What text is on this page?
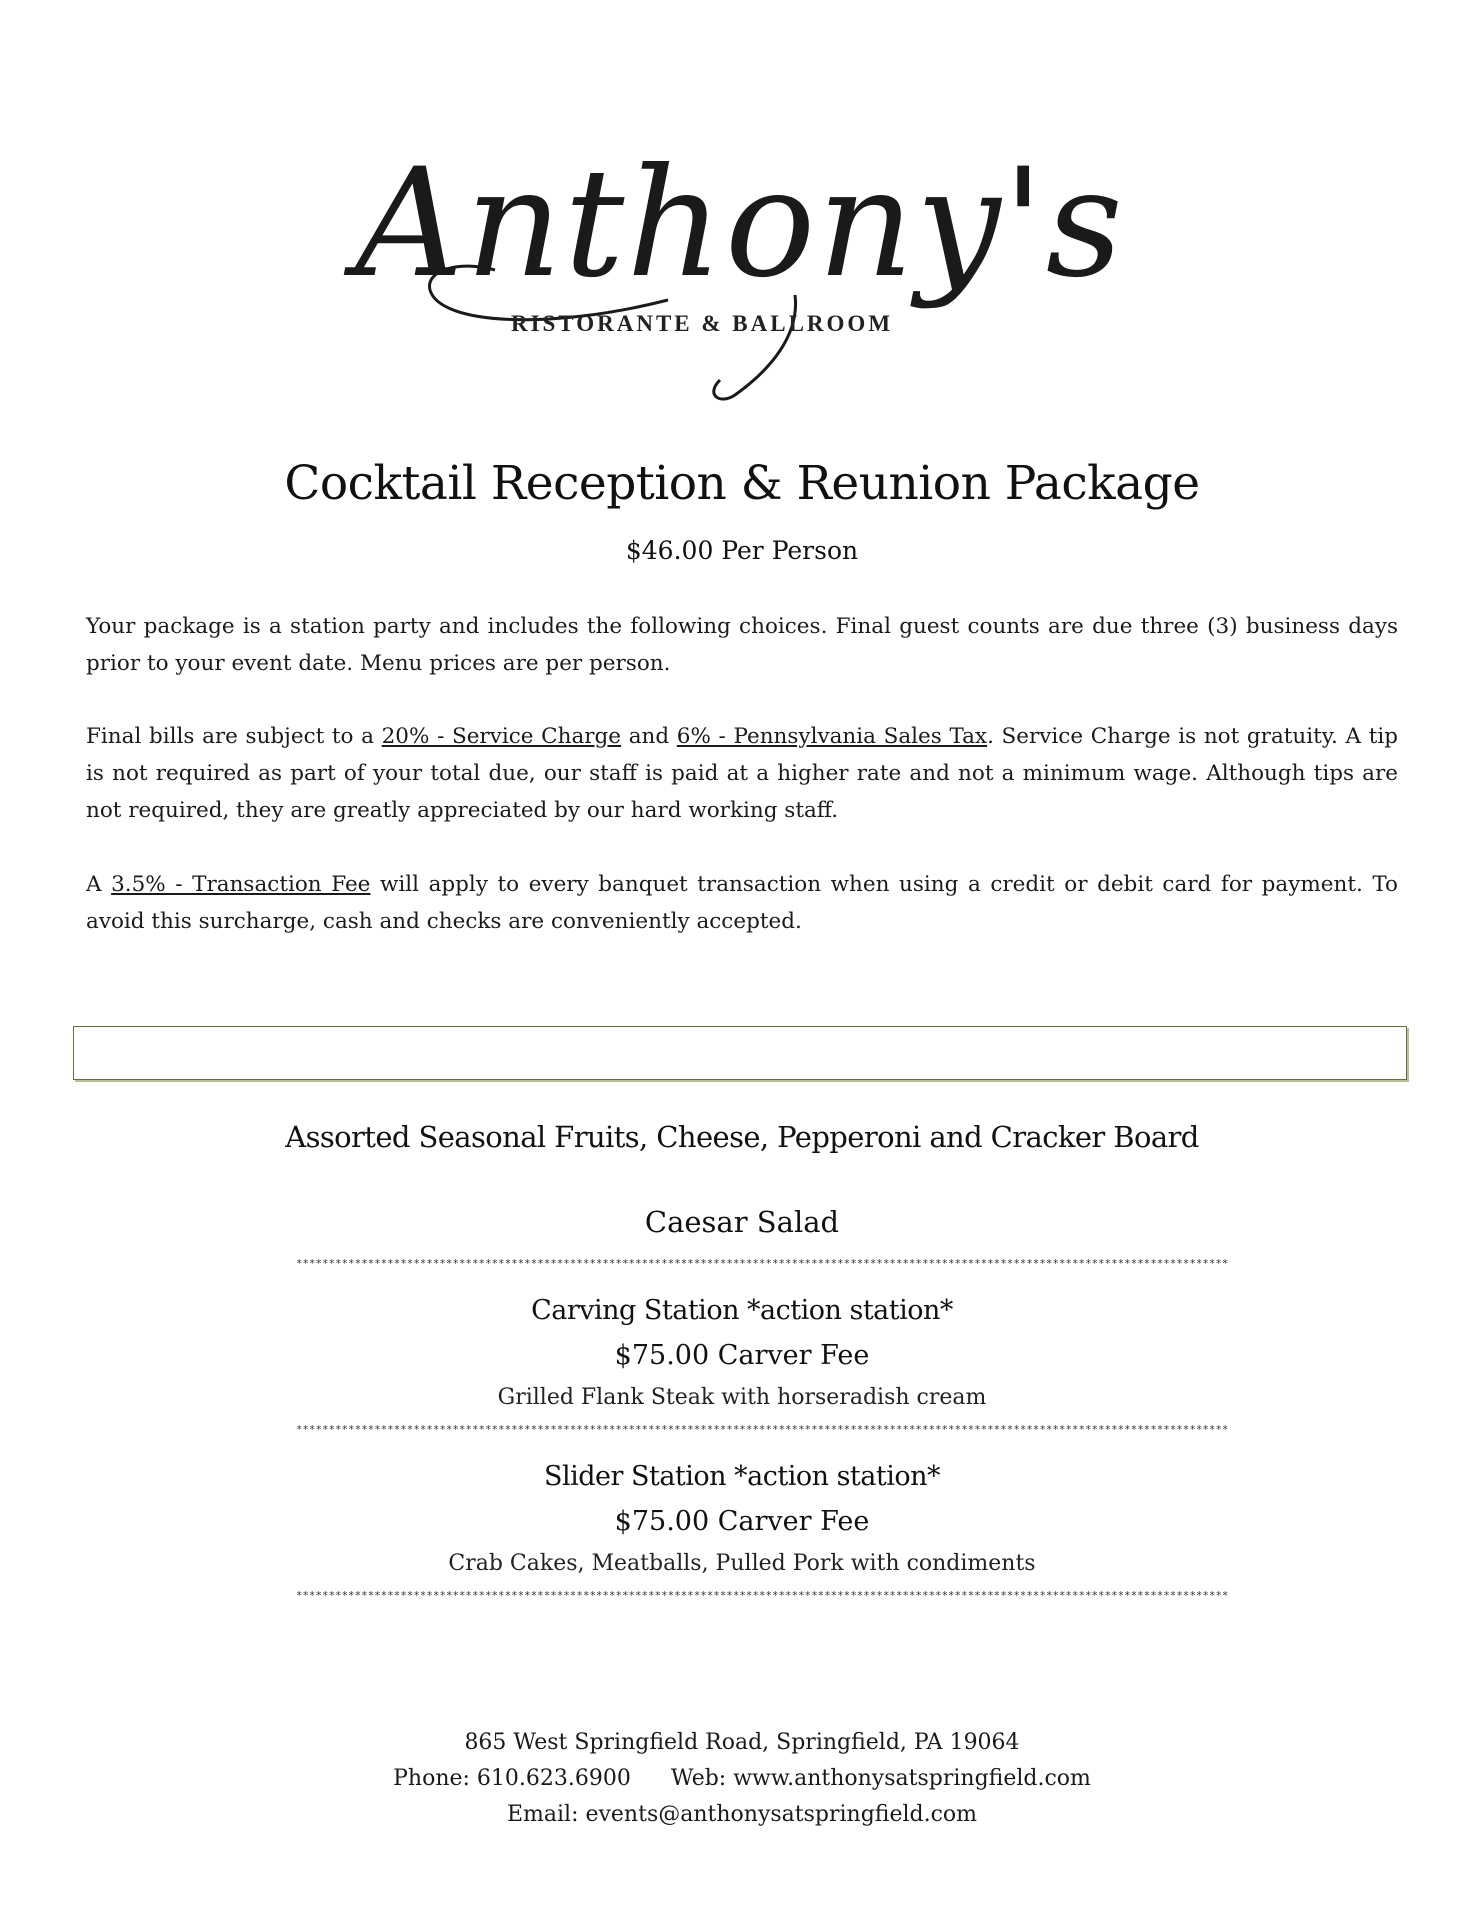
Anthony's
RISTORANTE & BALLROOM
Cocktail Reception & Reunion Package
$46.00 Per Person

Your package is a station party and includes the following choices. Final guest counts are due three (3) business days prior to your event date. Menu prices are per person.

Final bills are subject to a 20% - Service Charge and 6% - Pennsylvania Sales Tax. Service Charge is not gratuity. A tip is not required as part of your total due, our staff is paid at a higher rate and not a minimum wage. Although tips are not required, they are greatly appreciated by our hard working staff.

A 3.5% - Transaction Fee will apply to every banquet transaction when using a credit or debit card for payment. To avoid this surcharge, cash and checks are conveniently accepted.

Assorted Seasonal Fruits, Cheese, Pepperoni and Cracker Board
Caesar Salad
***********************************************************************************************************************************************
Carving Station *action station*
$75.00 Carver Fee
Grilled Flank Steak with horseradish cream
***********************************************************************************************************************************************
Slider Station *action station*
$75.00 Carver Fee
Crab Cakes, Meatballs, Pulled Pork with condiments
***********************************************************************************************************************************************
865 West Springfield Road, Springfield, PA 19064
Phone: 610.623.6900 Web: www.anthonysatspringfield.com
Email: events@anthonysatspringfield.com
